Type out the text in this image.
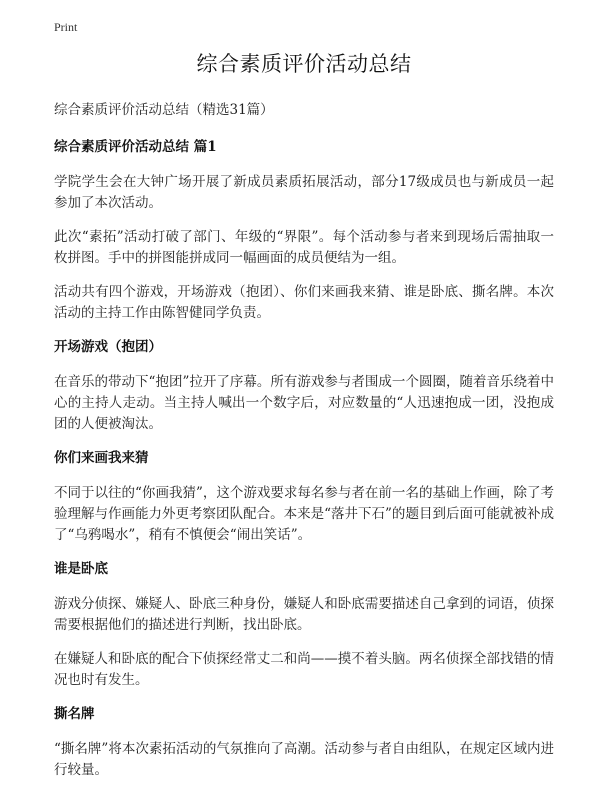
Print
综合素质评价活动总结
综合素质评价活动总结（精选31篇）
综合素质评价活动总结 篇1

学院学生会在大钟广场开展了新成员素质拓展活动，部分17级成员也与新成员一起参加了本次活动。

此次“素拓”活动打破了部门、年级的“界限”。每个活动参与者来到现场后需抽取一枚拼图。手中的拼图能拼成同一幅画面的成员便结为一组。

活动共有四个游戏，开场游戏（抱团）、你们来画我来猜、谁是卧底、撕名牌。本次活动的主持工作由陈智健同学负责。

开场游戏（抱团）

在音乐的带动下“抱团”拉开了序幕。所有游戏参与者围成一个圆圈，随着音乐绕着中心的主持人走动。当主持人喊出一个数字后，对应数量的“人迅速抱成一团，没抱成团的人便被淘汰。

你们来画我来猜

不同于以往的“你画我猜”，这个游戏要求每名参与者在前一名的基础上作画，除了考验理解与作画能力外更考察团队配合。本来是“落井下石”的题目到后面可能就被补成了“乌鸦喝水”，稍有不慎便会“闹出笑话”。

谁是卧底

游戏分侦探、嫌疑人、卧底三种身份，嫌疑人和卧底需要描述自己拿到的词语，侦探需要根据他们的描述进行判断，找出卧底。

在嫌疑人和卧底的配合下侦探经常丈二和尚——摸不着头脑。两名侦探全部找错的情况也时有发生。

撕名牌

“撕名牌”将本次素拓活动的气氛推向了高潮。活动参与者自由组队，在规定区域内进行较量。
